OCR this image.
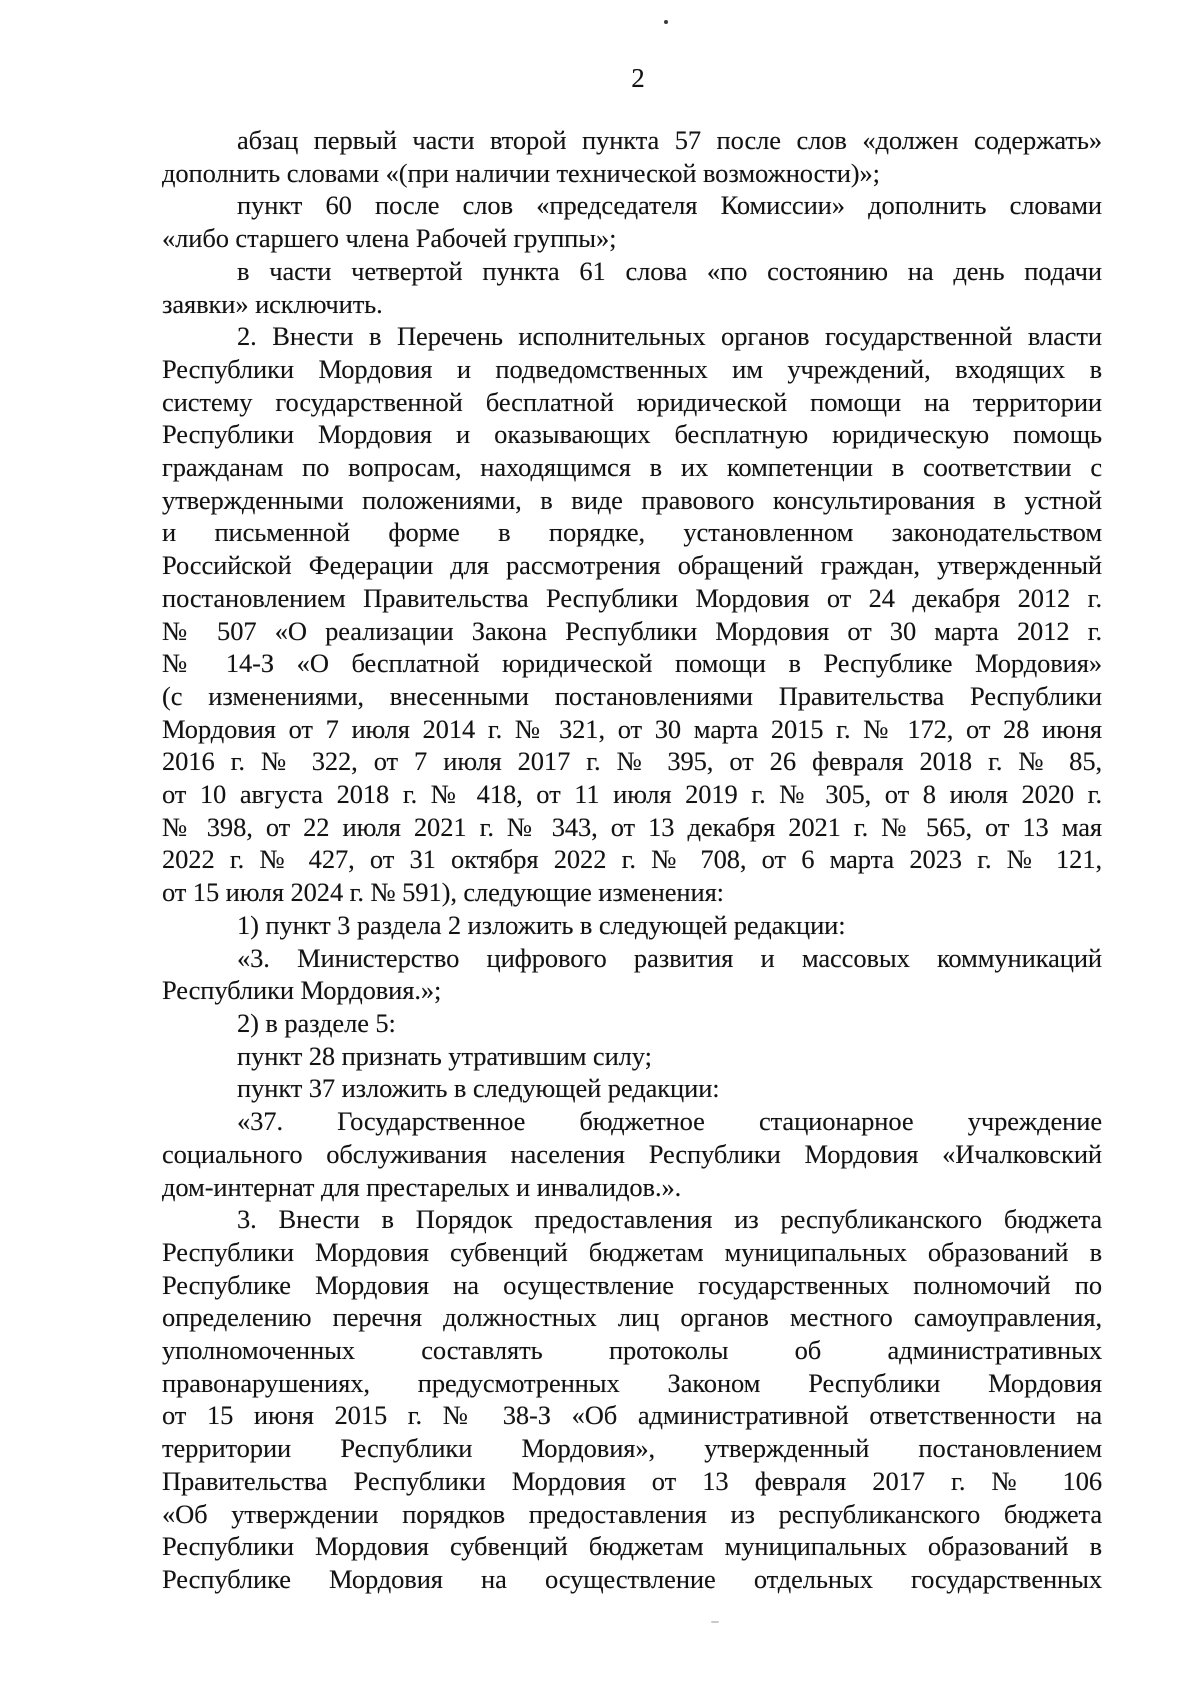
2
абзац первый части второй пункта 57 после слов «должен содержать»
дополнить словами «(при наличии технической возможности)»;
пункт 60 после слов «председателя Комиссии» дополнить словами
«либо старшего члена Рабочей группы»;
в части четвертой пункта 61 слова «по состоянию на день подачи
заявки» исключить.
2. Внести в Перечень исполнительных органов государственной власти
Республики Мордовия и подведомственных им учреждений, входящих в
систему государственной бесплатной юридической помощи на территории
Республики Мордовия и оказывающих бесплатную юридическую помощь
гражданам по вопросам, находящимся в их компетенции в соответствии с
утвержденными положениями, в виде правового консультирования в устной
и письменной форме в порядке, установленном законодательством
Российской Федерации для рассмотрения обращений граждан, утвержденный
постановлением Правительства Республики Мордовия от 24 декабря 2012 г.
№ 507 «О реализации Закона Республики Мордовия от 30 марта 2012 г.
№ 14-З «О бесплатной юридической помощи в Республике Мордовия»
(с изменениями, внесенными постановлениями Правительства Республики
Мордовия от 7 июля 2014 г. № 321, от 30 марта 2015 г. № 172, от 28 июня
2016 г. № 322, от 7 июля 2017 г. № 395, от 26 февраля 2018 г. № 85,
от 10 августа 2018 г. № 418, от 11 июля 2019 г. № 305, от 8 июля 2020 г.
№ 398, от 22 июля 2021 г. № 343, от 13 декабря 2021 г. № 565, от 13 мая
2022 г. № 427, от 31 октября 2022 г. № 708, от 6 марта 2023 г. № 121,
от 15 июля 2024 г. № 591), следующие изменения:
1) пункт 3 раздела 2 изложить в следующей редакции:
«3. Министерство цифрового развития и массовых коммуникаций
Республики Мордовия.»;
2) в разделе 5:
пункт 28 признать утратившим силу;
пункт 37 изложить в следующей редакции:
«37. Государственное бюджетное стационарное учреждение
социального обслуживания населения Республики Мордовия «Ичалковский
дом-интернат для престарелых и инвалидов.».
3. Внести в Порядок предоставления из республиканского бюджета
Республики Мордовия субвенций бюджетам муниципальных образований в
Республике Мордовия на осуществление государственных полномочий по
определению перечня должностных лиц органов местного самоуправления,
уполномоченных составлять протоколы об административных
правонарушениях, предусмотренных Законом Республики Мордовия
от 15 июня 2015 г. № 38-З «Об административной ответственности на
территории Республики Мордовия», утвержденный постановлением
Правительства Республики Мордовия от 13 февраля 2017 г. № 106
«Об утверждении порядков предоставления из республиканского бюджета
Республики Мордовия субвенций бюджетам муниципальных образований в
Республике Мордовия на осуществление отдельных государственных
